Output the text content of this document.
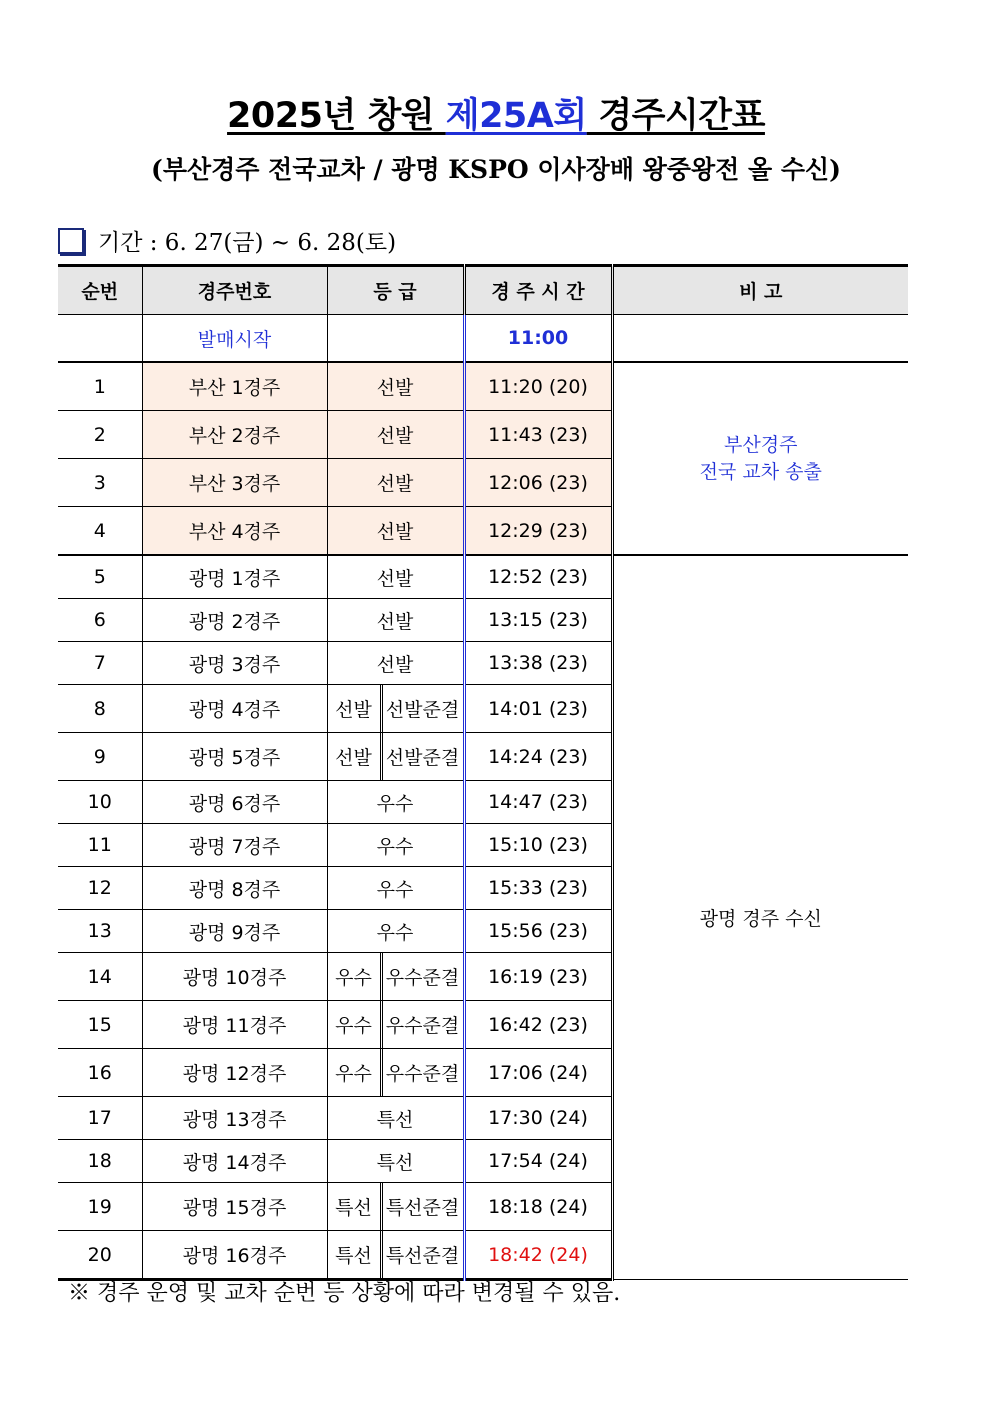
2025년 창원 제25A회 경주시간표
(부산경주 전국교차 / 광명 KSPO 이사장배 왕중왕전 올 수신)
기간 : 6. 27(금) ~ 6. 28(토)
순번	경주번호	등 급	경 주 시 간	비 고
	발매시작		11:00	
1	부산 1경주	선발	11:20 (20)	부산경주
전국 교차 송출

2	부산 2경주	선발	11:43 (23)	
3	부산 3경주	선발	12:06 (23)	
4	부산 4경주	선발	12:29 (23)	
5	광명 1경주	선발	12:52 (23)	광명 경주 수신
6	광명 2경주	선발	13:15 (23)	
7	광명 3경주	선발	13:38 (23)	
8	광명 4경주	선발 선발준결	14:01 (23)	
9	광명 5경주	선발 선발준결	14:24 (23)	
10	광명 6경주	우수	14:47 (23)	
11	광명 7경주	우수	15:10 (23)	
12	광명 8경주	우수	15:33 (23)	
13	광명 9경주	우수	15:56 (23)	
14	광명 10경주	우수 우수준결	16:19 (23)	
15	광명 11경주	우수 우수준결	16:42 (23)	
16	광명 12경주	우수 우수준결	17:06 (24)	
17	광명 13경주	특선	17:30 (24)	
18	광명 14경주	특선	17:54 (24)	
19	광명 15경주	특선 특선준결	18:18 (24)	
20	광명 16경주	특선 특선준결	18:42 (24)	
※ 경주 운영 및 교차 순번 등 상황에 따라 변경될 수 있음.
